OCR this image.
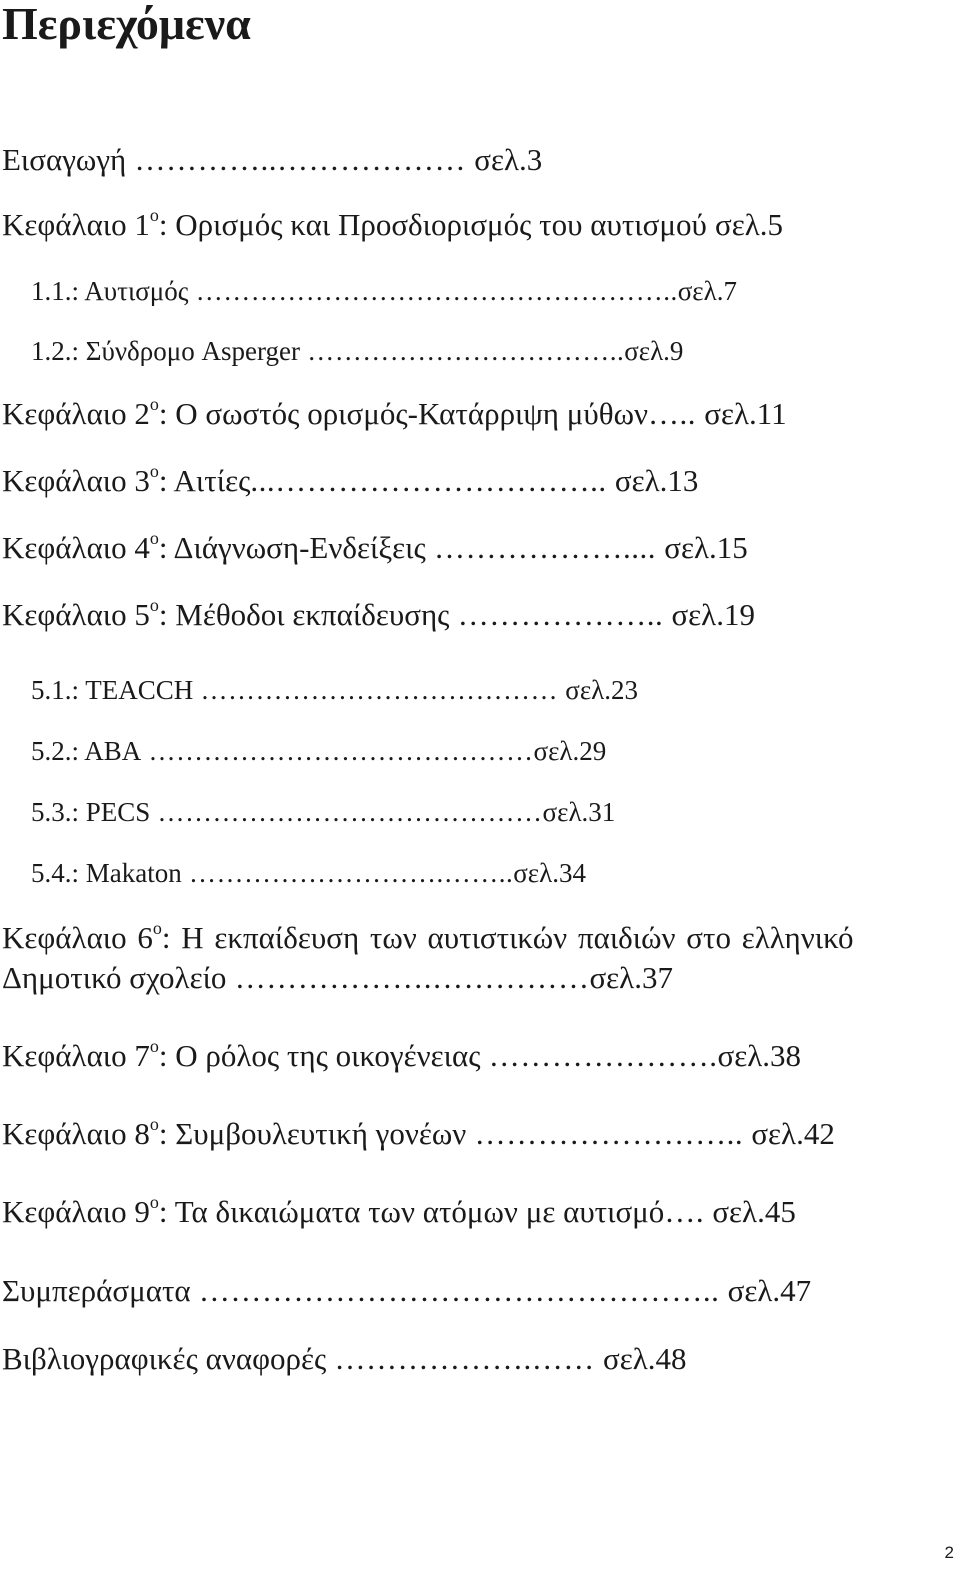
Περιεχόμενα
Εισαγωγή …………..……………… σελ.3
Κεφάλαιο $1^o$: Ορισμός και Προσδιορισμός του αυτισμού σελ.5
1.1.: Αυτισμός ……………………………………………..σελ.7
1.2.: Σύνδρομο Asperger ……………………………..σελ.9
Κεφάλαιο $2^o$: Ο σωστός ορισμός-Κατάρριψη μύθων….. σελ.11
Κεφάλαιο $3^o$: Αιτίες...………………………….. σελ.13
Κεφάλαιο $4^o$: Διάγνωση-Ενδείξεις ……………….... σελ.15
Κεφάλαιο $5^o$: Μέθοδοι εκπαίδευσης ……………….. σελ.19
5.1.: TEACCH ………………………………… σελ.23
5.2.: ABA ……………………………………σελ.29
5.3.: PECS ……………………………………σελ.31
5.4.: Makaton ……………………….……..σελ.34
Κεφάλαιο $6^o$: Η εκπαίδευση των αυτιστικών παιδιών στο ελληνικό
Δημοτικό σχολείο ……………….……………σελ.37
Κεφάλαιο $7^o$: Ο ρόλος της οικογένειας ………………….σελ.38
Κεφάλαιο $8^o$: Συμβουλευτική γονέων …………………….. σελ.42
Κεφάλαιο $9^o$: Τα δικαιώματα των ατόμων με αυτισμό…. σελ.45
Συμπεράσματα ………………………………………….. σελ.47
Βιβλιογραφικές αναφορές ……………….…… σελ.48
2
